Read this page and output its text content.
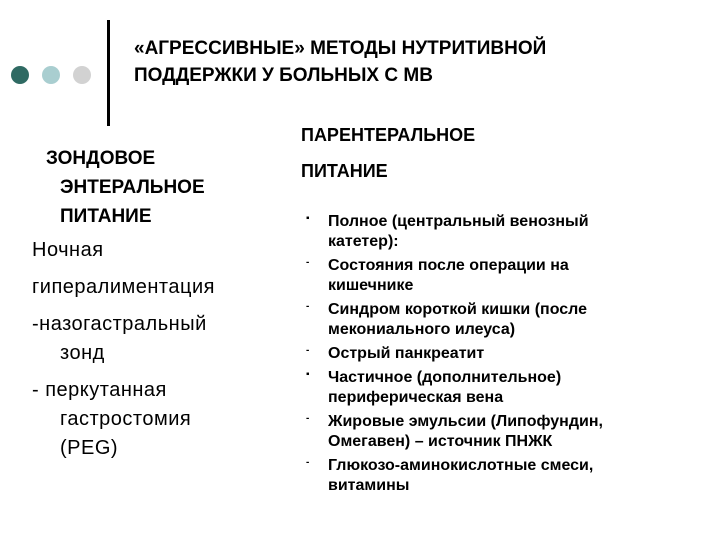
«АГРЕССИВНЫЕ» МЕТОДЫ НУТРИТИВНОЙ
ПОДДЕРЖКИ У БОЛЬНЫХ С МВ
ЗОНДОВОЕ
ЭНТЕРАЛЬНОЕ
ПИТАНИЕ
Ночная
гипералиментация
-назогастральный
зонд
- перкутанная
гастростомия
(PEG)
ПАРЕНТЕРАЛЬНОЕ
ПИТАНИЕ
▪ Полное (центральный венозный
катетер):
- Состояния после операции на
кишечнике
- Синдром короткой кишки (после
мекониального илеуса)
- Острый панкреатит
▪ Частичное (дополнительное)
периферическая вена
- Жировые эмульсии (Липофундин,
Омегавен) – источник ПНЖК
- Глюкозо-аминокислотные смеси,
витамины
